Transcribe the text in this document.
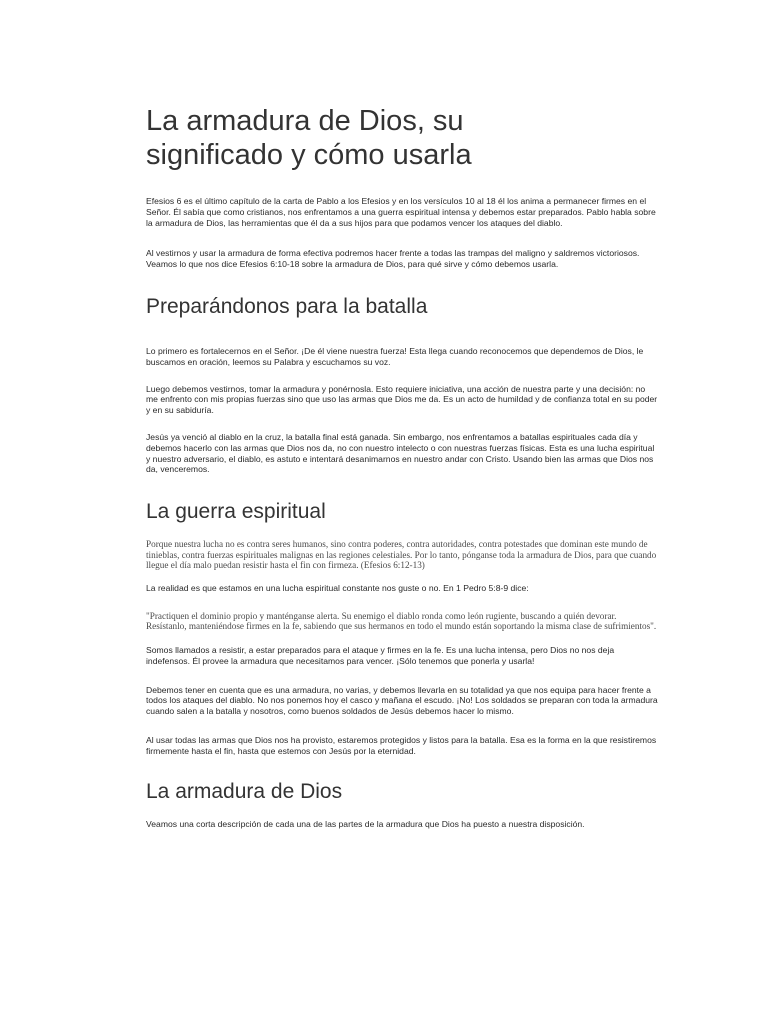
La armadura de Dios, su significado y cómo usarla

Efesios 6 es el último capítulo de la carta de Pablo a los Efesios y en los versículos 10 al 18 él los anima a permanecer firmes en el Señor. Él sabía que como cristianos, nos enfrentamos a una guerra espiritual intensa y debemos estar preparados. Pablo habla sobre la armadura de Dios, las herramientas que él da a sus hijos para que podamos vencer los ataques del diablo.

Al vestirnos y usar la armadura de forma efectiva podremos hacer frente a todas las trampas del maligno y saldremos victoriosos. Veamos lo que nos dice Efesios 6:10-18 sobre la armadura de Dios, para qué sirve y cómo debemos usarla.

Preparándonos para la batalla

Lo primero es fortalecernos en el Señor. ¡De él viene nuestra fuerza! Esta llega cuando reconocemos que dependemos de Dios, le buscamos en oración, leemos su Palabra y escuchamos su voz.

Luego debemos vestirnos, tomar la armadura y ponérnosla. Esto requiere iniciativa, una acción de nuestra parte y una decisión: no me enfrento con mis propias fuerzas sino que uso las armas que Dios me da. Es un acto de humildad y de confianza total en su poder y en su sabiduría.

Jesús ya venció al diablo en la cruz, la batalla final está ganada. Sin embargo, nos enfrentamos a batallas espirituales cada día y debemos hacerlo con las armas que Dios nos da, no con nuestro intelecto o con nuestras fuerzas físicas. Esta es una lucha espiritual y nuestro adversario, el diablo, es astuto e intentará desanimarnos en nuestro andar con Cristo. Usando bien las armas que Dios nos da, venceremos.

La guerra espiritual

Porque nuestra lucha no es contra seres humanos, sino contra poderes, contra autoridades, contra potestades que dominan este mundo de tinieblas, contra fuerzas espirituales malignas en las regiones celestiales. Por lo tanto, pónganse toda la armadura de Dios, para que cuando llegue el día malo puedan resistir hasta el fin con firmeza. (Efesios 6:12-13)

La realidad es que estamos en una lucha espiritual constante nos guste o no. En 1 Pedro 5:8-9 dice:

"Practiquen el dominio propio y manténganse alerta. Su enemigo el diablo ronda como león rugiente, buscando a quién devorar. Resístanlo, manteniéndose firmes en la fe, sabiendo que sus hermanos en todo el mundo están soportando la misma clase de sufrimientos".

Somos llamados a resistir, a estar preparados para el ataque y firmes en la fe. Es una lucha intensa, pero Dios no nos deja indefensos. Él provee la armadura que necesitamos para vencer. ¡Sólo tenemos que ponerla y usarla!

Debemos tener en cuenta que es una armadura, no varias, y debemos llevarla en su totalidad ya que nos equipa para hacer frente a todos los ataques del diablo. No nos ponemos hoy el casco y mañana el escudo. ¡No! Los soldados se preparan con toda la armadura cuando salen a la batalla y nosotros, como buenos soldados de Jesús debemos hacer lo mismo.

Al usar todas las armas que Dios nos ha provisto, estaremos protegidos y listos para la batalla. Esa es la forma en la que resistiremos firmemente hasta el fin, hasta que estemos con Jesús por la eternidad.

La armadura de Dios

Veamos una corta descripción de cada una de las partes de la armadura que Dios ha puesto a nuestra disposición.
